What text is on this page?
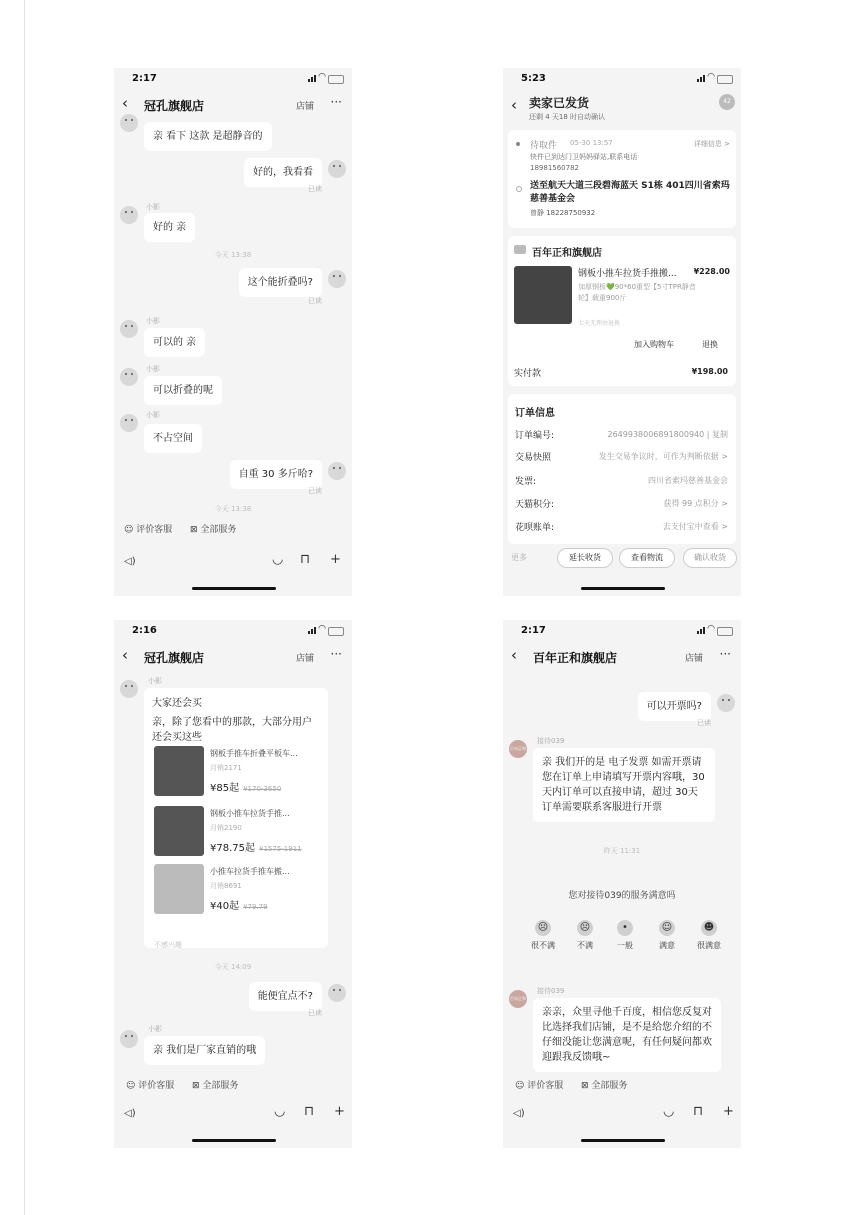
2:17	◠
‹ 冠孔旗舰店	店铺 ···
亲 看下 这款 是超静音的
好的，我看看
已读
小影
好的 亲
今天 13:38
这个能折叠吗?
已读
小影
可以的 亲
小影
可以折叠的呢
小影
不占空间
自重 30 多斤哈?
已读
今天 13:38
☺ 评价客服 ⊠ 全部服务
◁)	◡ ⊓ +
5:23	◠
‹ 卖家已发货
还剩 4 天18 时自动确认
42
待取件 05-30 13:57	详细信息 >
快件已到达门卫妈妈驿站,联系电话
18981560782
送至航天大道三段碧海蓝天 S1栋 401四川省索玛慈善基金会
曾静 18228750932
百年正和旗舰店
钢板小推车拉货手推搬... ¥228.00
加厚钢板💚90*60重型【5寸TPR静音轮】载重900斤
七天无理由退换
加入购物车	退换
实付款	¥198.00
订单信息
订单编号:	2649938006891800940 | 复制
交易快照	发生交易争议时，可作为判断依据 >
发票:	四川省索玛慈善基金会
天猫积分:	获得 99 点积分 >
花呗账单:	去支付宝中查看 >
更多	延长收货	查看物流	确认收货
2:16	◠
‹ 冠孔旗舰店	店铺 ···
小影
大家还会买
亲，除了您看中的那款，大部分用户还会买这些
钢板手推车折叠平板车...
月销2171
¥85起 ¥170-3650
钢板小推车拉货手推...
月销2190
¥78.75起 ¥1575-1911
小推车拉货手推车搬...
月销8691
¥40起 ¥79.79
不感兴趣
今天 14:09
能便宜点不?
已读
小影
亲 我们是厂家直销的哦
☺ 评价客服 ⊠ 全部服务
◁)	◡ ⊓ +
2:17	◠
‹ 百年正和旗舰店	店铺 ···
可以开票吗?
已读
接待039
百年正和
亲 我们开的是 电子发票 如需开票请您在订单上申请填写开票内容哦，30天内订单可以直接申请，超过 30天订单需要联系客服进行开票
昨天 11:31
您对接待039的服务满意吗
☹
很不满
☹
不满
•
一般
☺
满意
☻
很满意
接待039
百年正和
亲亲，众里寻他千百度，相信您反复对比选择我们店铺，是不是给您介绍的不仔细没能让您满意呢，有任何疑问都欢迎跟我反馈哦~
☺ 评价客服 ⊠ 全部服务
◁)	◡ ⊓ +
